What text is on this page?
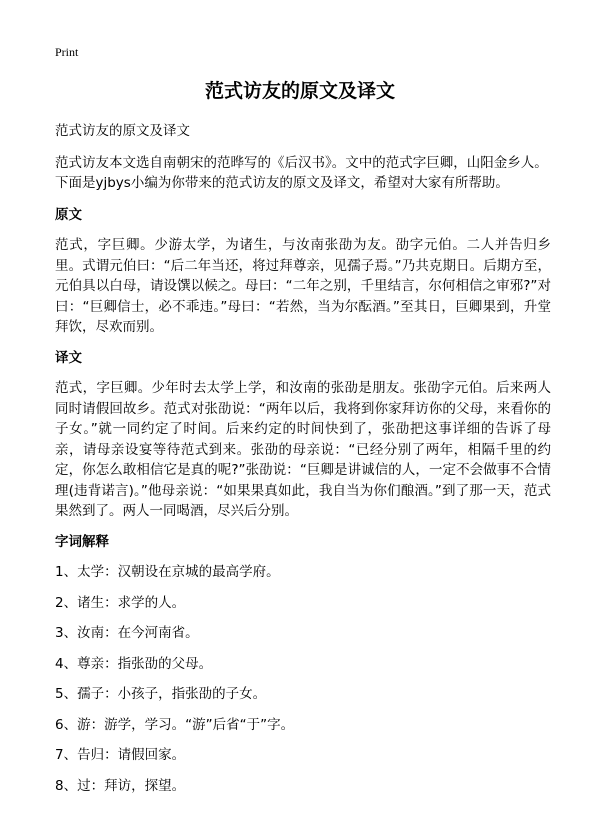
Print
范式访友的原文及译文

范式访友的原文及译文

范式访友本文选自南朝宋的范晔写的《后汉书》。文中的范式字巨卿，山阳金乡人。下面是yjbys小编为你带来的范式访友的原文及译文，希望对大家有所帮助。

原文

范式，字巨卿。少游太学，为诸生，与汝南张劭为友。劭字元伯。二人并告归乡里。式谓元伯曰：“后二年当还，将过拜尊亲，见孺子焉。”乃共克期日。后期方至，元伯具以白母，请设馔以候之。母曰：“二年之别，千里结言，尔何相信之审邪?”对曰：“巨卿信士，必不乖违。”母曰：“若然，当为尔酝酒。”至其日，巨卿果到，升堂拜饮，尽欢而别。

译文

范式，字巨卿。少年时去太学上学，和汝南的张劭是朋友。张劭字元伯。后来两人同时请假回故乡。范式对张劭说：“两年以后，我将到你家拜访你的父母，来看你的子女。”就一同约定了时间。后来约定的时间快到了，张劭把这事详细的告诉了母亲，请母亲设宴等待范式到来。张劭的母亲说：“已经分别了两年，相隔千里的约定，你怎么敢相信它是真的呢?”张劭说：“巨卿是讲诚信的人，一定不会做事不合情理(违背诺言)。”他母亲说：“如果果真如此，我自当为你们酿酒。”到了那一天，范式果然到了。两人一同喝酒，尽兴后分别。

字词解释
1、太学：汉朝设在京城的最高学府。
2、诸生：求学的人。
3、汝南：在今河南省。
4、尊亲：指张劭的父母。
5、孺子：小孩子，指张劭的子女。
6、游：游学，学习。“游”后省“于”字。
7、告归：请假回家。
8、过：拜访，探望。
